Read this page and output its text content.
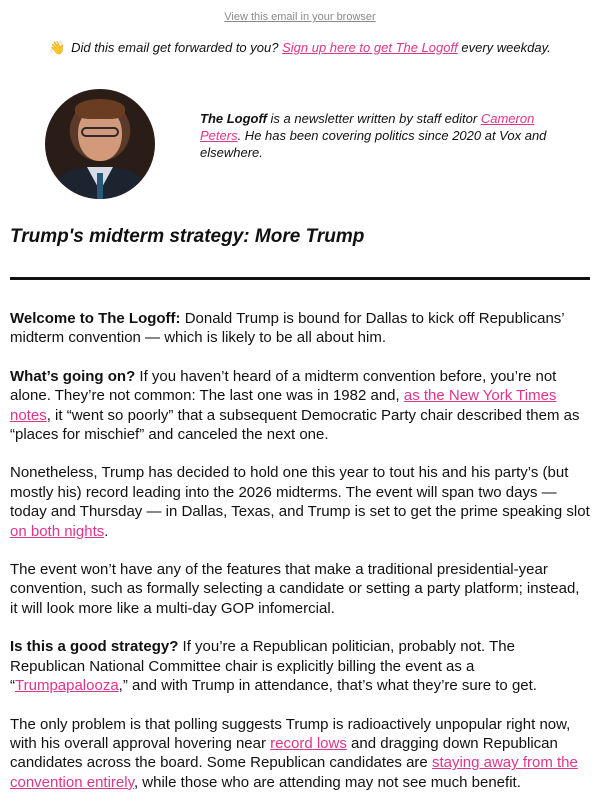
View this email in your browser
👋 Did this email get forwarded to you? Sign up here to get The Logoff every weekday.
The Logoff is a newsletter written by staff editor Cameron Peters. He has been covering politics since 2020 at Vox and elsewhere.
Trump's midterm strategy: More Trump

Welcome to The Logoff: Donald Trump is bound for Dallas to kick off Republicans’ midterm convention — which is likely to be all about him.

What’s going on? If you haven’t heard of a midterm convention before, you’re not alone. They’re not common: The last one was in 1982 and, as the New York Times notes, it “went so poorly” that a subsequent Democratic Party chair described them as “places for mischief” and canceled the next one.

Nonetheless, Trump has decided to hold one this year to tout his and his party’s (but mostly his) record leading into the 2026 midterms. The event will span two days — today and Thursday — in Dallas, Texas, and Trump is set to get the prime speaking slot on both nights.

The event won’t have any of the features that make a traditional presidential-year convention, such as formally selecting a candidate or setting a party platform; instead, it will look more like a multi-day GOP infomercial.

Is this a good strategy? If you’re a Republican politician, probably not. The Republican National Committee chair is explicitly billing the event as a “Trumpapalooza,” and with Trump in attendance, that’s what they’re sure to get.

The only problem is that polling suggests Trump is radioactively unpopular right now, with his overall approval hovering near record lows and dragging down Republican candidates across the board. Some Republican candidates are staying away from the convention entirely, while those who are attending may not see much benefit.
